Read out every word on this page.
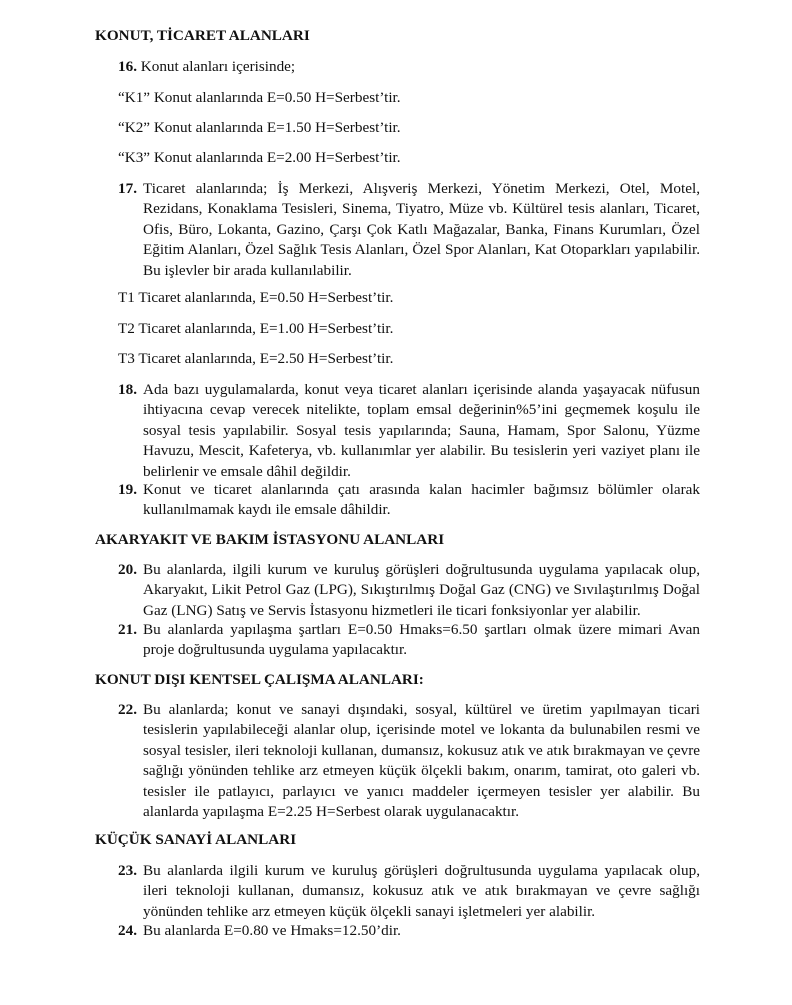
KONUT, TİCARET ALANLARI
16. Konut alanları içerisinde;
“K1” Konut alanlarında E=0.50 H=Serbest’tir.
“K2” Konut alanlarında E=1.50 H=Serbest’tir.
“K3” Konut alanlarında E=2.00 H=Serbest’tir.
17. Ticaret alanlarında; İş Merkezi, Alışveriş Merkezi, Yönetim Merkezi, Otel, Motel, Rezidans, Konaklama Tesisleri, Sinema, Tiyatro, Müze vb. Kültürel tesis alanları, Ticaret, Ofis, Büro, Lokanta, Gazino, Çarşı Çok Katlı Mağazalar, Banka, Finans Kurumları, Özel Eğitim Alanları, Özel Sağlık Tesis Alanları, Özel Spor Alanları, Kat Otoparkları yapılabilir. Bu işlevler bir arada kullanılabilir.
T1 Ticaret alanlarında, E=0.50 H=Serbest’tir.
T2 Ticaret alanlarında, E=1.00 H=Serbest’tir.
T3 Ticaret alanlarında, E=2.50 H=Serbest’tir.
18. Ada bazı uygulamalarda, konut veya ticaret alanları içerisinde alanda yaşayacak nüfusun ihtiyacına cevap verecek nitelikte, toplam emsal değerinin%5’ini geçmemek koşulu ile sosyal tesis yapılabilir. Sosyal tesis yapılarında; Sauna, Hamam, Spor Salonu, Yüzme Havuzu, Mescit, Kafeterya, vb. kullanımlar yer alabilir. Bu tesislerin yeri vaziyet planı ile belirlenir ve emsale dâhil değildir.
19. Konut ve ticaret alanlarında çatı arasında kalan hacimler bağımsız bölümler olarak kullanılmamak kaydı ile emsale dâhildir.
AKARYAKIT VE BAKIM İSTASYONU ALANLARI
20. Bu alanlarda, ilgili kurum ve kuruluş görüşleri doğrultusunda uygulama yapılacak olup, Akaryakıt, Likit Petrol Gaz (LPG), Sıkıştırılmış Doğal Gaz (CNG) ve Sıvılaştırılmış Doğal Gaz (LNG) Satış ve Servis İstasyonu hizmetleri ile ticari fonksiyonlar yer alabilir.
21. Bu alanlarda yapılaşma şartları E=0.50 Hmaks=6.50 şartları olmak üzere mimari Avan proje doğrultusunda uygulama yapılacaktır.
KONUT DIŞI KENTSEL ÇALIŞMA ALANLARI:
22. Bu alanlarda; konut ve sanayi dışındaki, sosyal, kültürel ve üretim yapılmayan ticari tesislerin yapılabileceği alanlar olup, içerisinde motel ve lokanta da bulunabilen resmi ve sosyal tesisler, ileri teknoloji kullanan, dumansız, kokusuz atık ve atık bırakmayan ve çevre sağlığı yönünden tehlike arz etmeyen küçük ölçekli bakım, onarım, tamirat, oto galeri vb. tesisler ile patlayıcı, parlayıcı ve yanıcı maddeler içermeyen tesisler yer alabilir. Bu alanlarda yapılaşma E=2.25 H=Serbest olarak uygulanacaktır.
KÜÇÜK SANAYİ ALANLARI
23. Bu alanlarda ilgili kurum ve kuruluş görüşleri doğrultusunda uygulama yapılacak olup, ileri teknoloji kullanan, dumansız, kokusuz atık ve atık bırakmayan ve çevre sağlığı yönünden tehlike arz etmeyen küçük ölçekli sanayi işletmeleri yer alabilir.
24. Bu alanlarda E=0.80 ve Hmaks=12.50’dir.
